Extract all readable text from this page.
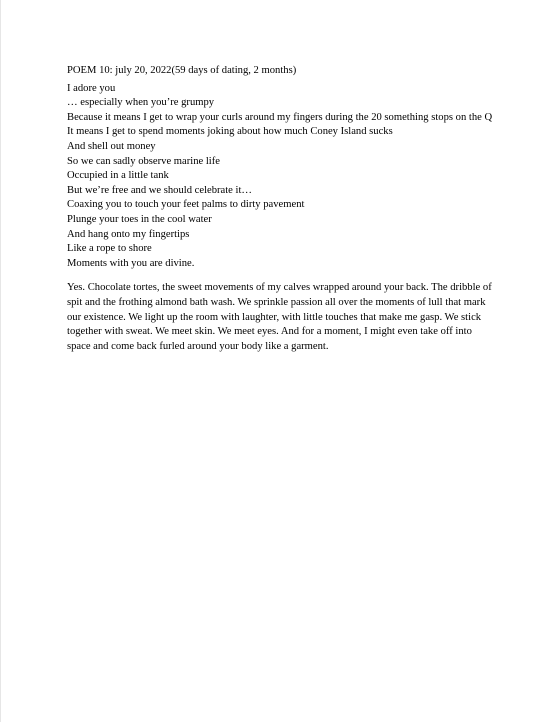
POEM 10: july 20, 2022(59 days of dating, 2 months)
I adore you
… especially when you’re grumpy
Because it means I get to wrap your curls around my fingers during the 20 something stops on the Q
It means I get to spend moments joking about how much Coney Island sucks
And shell out money
So we can sadly observe marine life
Occupied in a little tank
But we’re free and we should celebrate it…
Coaxing you to touch your feet palms to dirty pavement
Plunge your toes in the cool water
And hang onto my fingertips
Like a rope to shore
Moments with you are divine.

Yes. Chocolate tortes, the sweet movements of my calves wrapped around your back. The dribble of spit and the frothing almond bath wash. We sprinkle passion all over the moments of lull that mark our existence. We light up the room with laughter, with little touches that make me gasp. We stick together with sweat. We meet skin. We meet eyes. And for a moment, I might even take off into space and come back furled around your body like a garment.
